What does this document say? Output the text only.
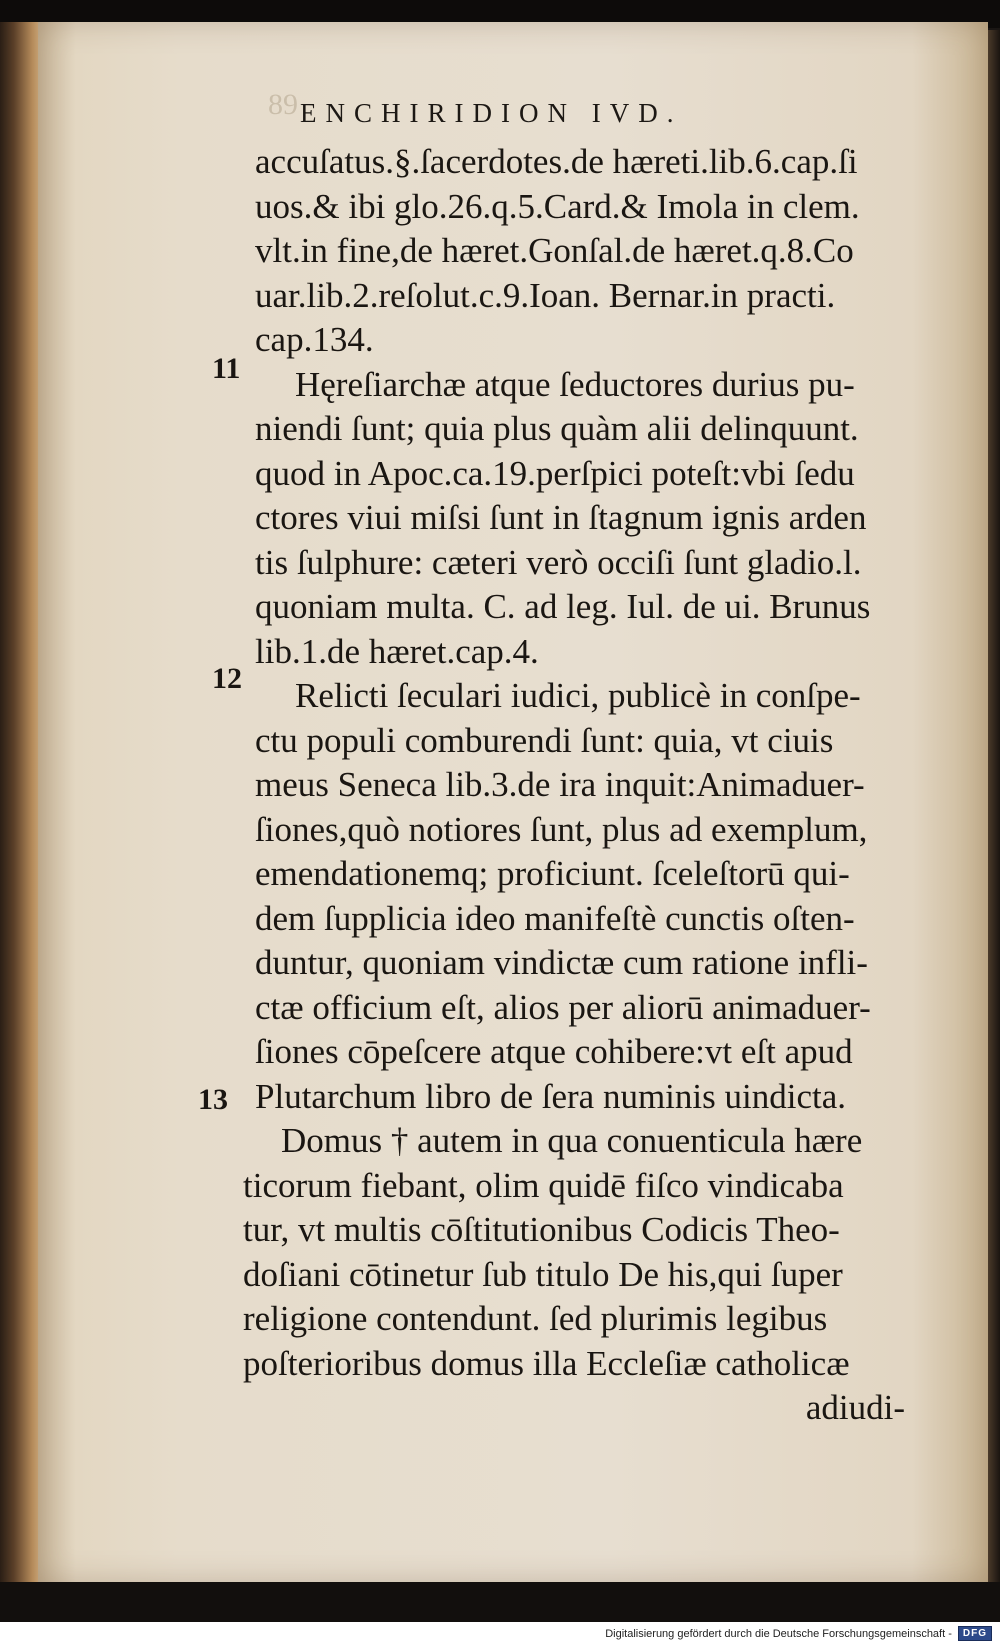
89 ENCHIRIDION IVD.
11
12
13
accuſatus.§.ſacerdotes.de hæreti.lib.6.cap.ſi
uos.& ibi glo.26.q.5.Card.& Imola in clem.
vlt.in fine,de hæret.Gonſal.de hæret.q.8.Co
uar.lib.2.reſolut.c.9.Ioan. Bernar.in practi.
cap.134.
Hęreſiarchæ atque ſeductores durius pu-
niendi ſunt; quia plus quàm alii delinquunt.
quod in Apoc.ca.19.perſpici poteſt:vbi ſedu
ctores viui miſsi ſunt in ſtagnum ignis arden
tis ſulphure: cæteri verò occiſi ſunt gladio.l.
quoniam multa. C. ad leg. Iul. de ui. Brunus
lib.1.de hæret.cap.4.
Relicti ſeculari iudici, publicè in conſpe-
ctu populi comburendi ſunt: quia, vt ciuis
meus Seneca lib.3.de ira inquit:Animaduer-
ſiones,quò notiores ſunt, plus ad exemplum,
emendationemq; proficiunt. ſceleſtorū qui-
dem ſupplicia ideo manifeſtè cunctis oſten-
duntur, quoniam vindictæ cum ratione infli-
ctæ officium eſt, alios per aliorū animaduer-
ſiones cōpeſcere atque cohibere:vt eſt apud
Plutarchum libro de ſera numinis uindicta.
Domus † autem in qua conuenticula hære
ticorum fiebant, olim quidē fiſco vindicaba
tur, vt multis cōſtitutionibus Codicis Theo-
doſiani cōtinetur ſub titulo De his,qui ſuper
religione contendunt. ſed plurimis legibus
poſterioribus domus illa Eccleſiæ catholicæ
adiudi-
Digitalisierung gefördert durch die Deutsche Forschungsgemeinschaft -	DFG
